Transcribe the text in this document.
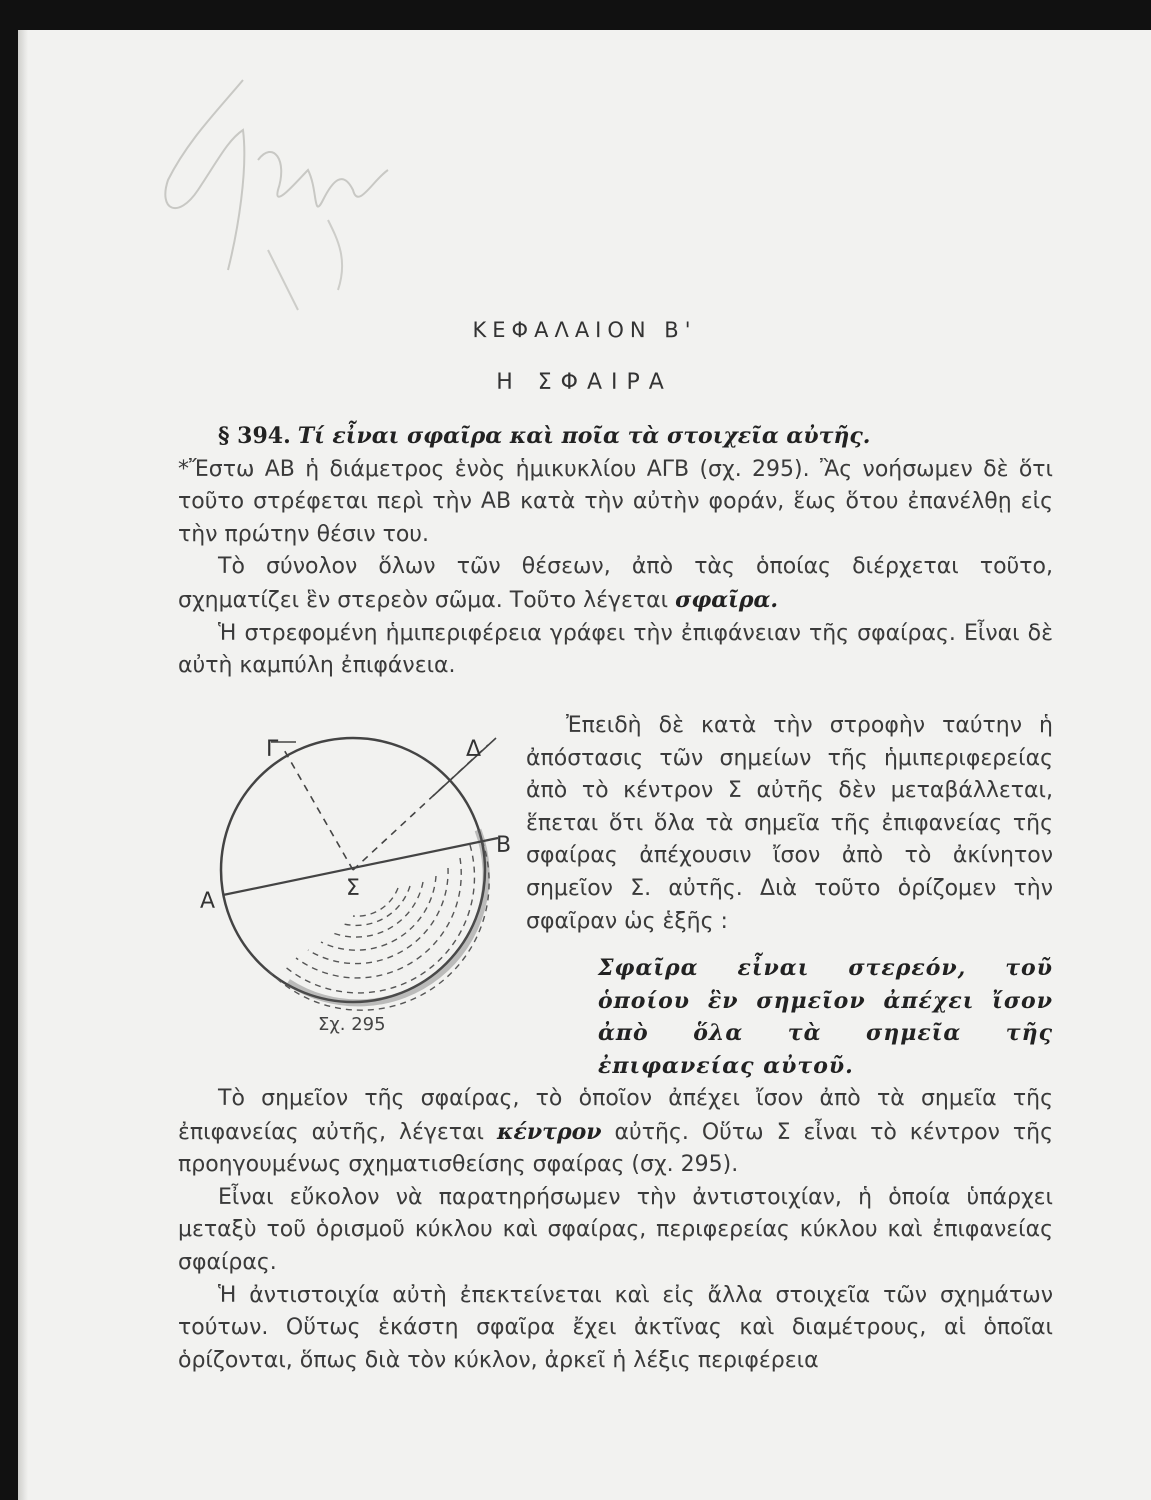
ΚΕΦΑΛΑΙΟΝ Β'
Η ΣΦΑΙΡΑ

§ 394. Τί εἶναι σφαῖρα καὶ ποῖα τὰ στοιχεῖα αὐτῆς.

*Ἔστω ΑΒ ἡ διάμετρος ἑνὸς ἡμικυκλίου ΑΓΒ (σχ. 295). Ἂς νοήσωμεν δὲ ὅτι τοῦτο στρέφεται περὶ τὴν ΑΒ κατὰ τὴν αὐτὴν φοράν, ἕως ὅτου ἐπανέλθῃ εἰς τὴν πρώτην θέσιν του.

Τὸ σύνολον ὅλων τῶν θέσεων, ἀπὸ τὰς ὁποίας διέρχεται τοῦτο, σχηματίζει ἓν στερεὸν σῶμα. Τοῦτο λέγεται σφαῖρα.

Ἡ στρεφομένη ἡμιπεριφέρεια γράφει τὴν ἐπιφάνειαν τῆς σφαίρας. Εἶναι δὲ αὐτὴ καμπύλη ἐπιφάνεια.

Α
Β
Γ	Δ
Σ
Σχ. 295

Ἐπειδὴ δὲ κατὰ τὴν στροφὴν ταύτην ἡ ἀπόστασις τῶν σημείων τῆς ἡμιπεριφερείας ἀπὸ τὸ κέντρον Σ αὐτῆς δὲν μεταβάλλεται, ἕπεται ὅτι ὅλα τὰ σημεῖα τῆς ἐπιφανείας τῆς σφαίρας ἀπέχουσιν ἴσον ἀπὸ τὸ ἀκίνητον σημεῖον Σ. αὐτῆς. Διὰ τοῦτο ὁρίζομεν τὴν σφαῖραν ὡς ἑξῆς :

Σφαῖρα εἶναι στερεόν, τοῦ ὁποίου ἓν σημεῖον ἀπέχει ἴσον ἀπὸ ὅλα τὰ σημεῖα τῆς ἐπιφανείας αὐτοῦ.

Τὸ σημεῖον τῆς σφαίρας, τὸ ὁποῖον ἀπέχει ἴσον ἀπὸ τὰ σημεῖα τῆς ἐπιφανείας αὐτῆς, λέγεται κέντρον αὐτῆς. Οὕτω Σ εἶναι τὸ κέντρον τῆς προηγουμένως σχηματισθείσης σφαίρας (σχ. 295).

Εἶναι εὔκολον νὰ παρατηρήσωμεν τὴν ἀντιστοιχίαν, ἡ ὁποία ὑπάρχει μεταξὺ τοῦ ὁρισμοῦ κύκλου καὶ σφαίρας, περιφερείας κύκλου καὶ ἐπιφανείας σφαίρας.

Ἡ ἀντιστοιχία αὐτὴ ἐπεκτείνεται καὶ εἰς ἄλλα στοιχεῖα τῶν σχημάτων τούτων. Οὕτως ἑκάστη σφαῖρα ἔχει ἀκτῖνας καὶ διαμέτρους, αἱ ὁποῖαι ὁρίζονται, ὅπως διὰ τὸν κύκλον, ἀρκεῖ ἡ λέξις περιφέρεια
